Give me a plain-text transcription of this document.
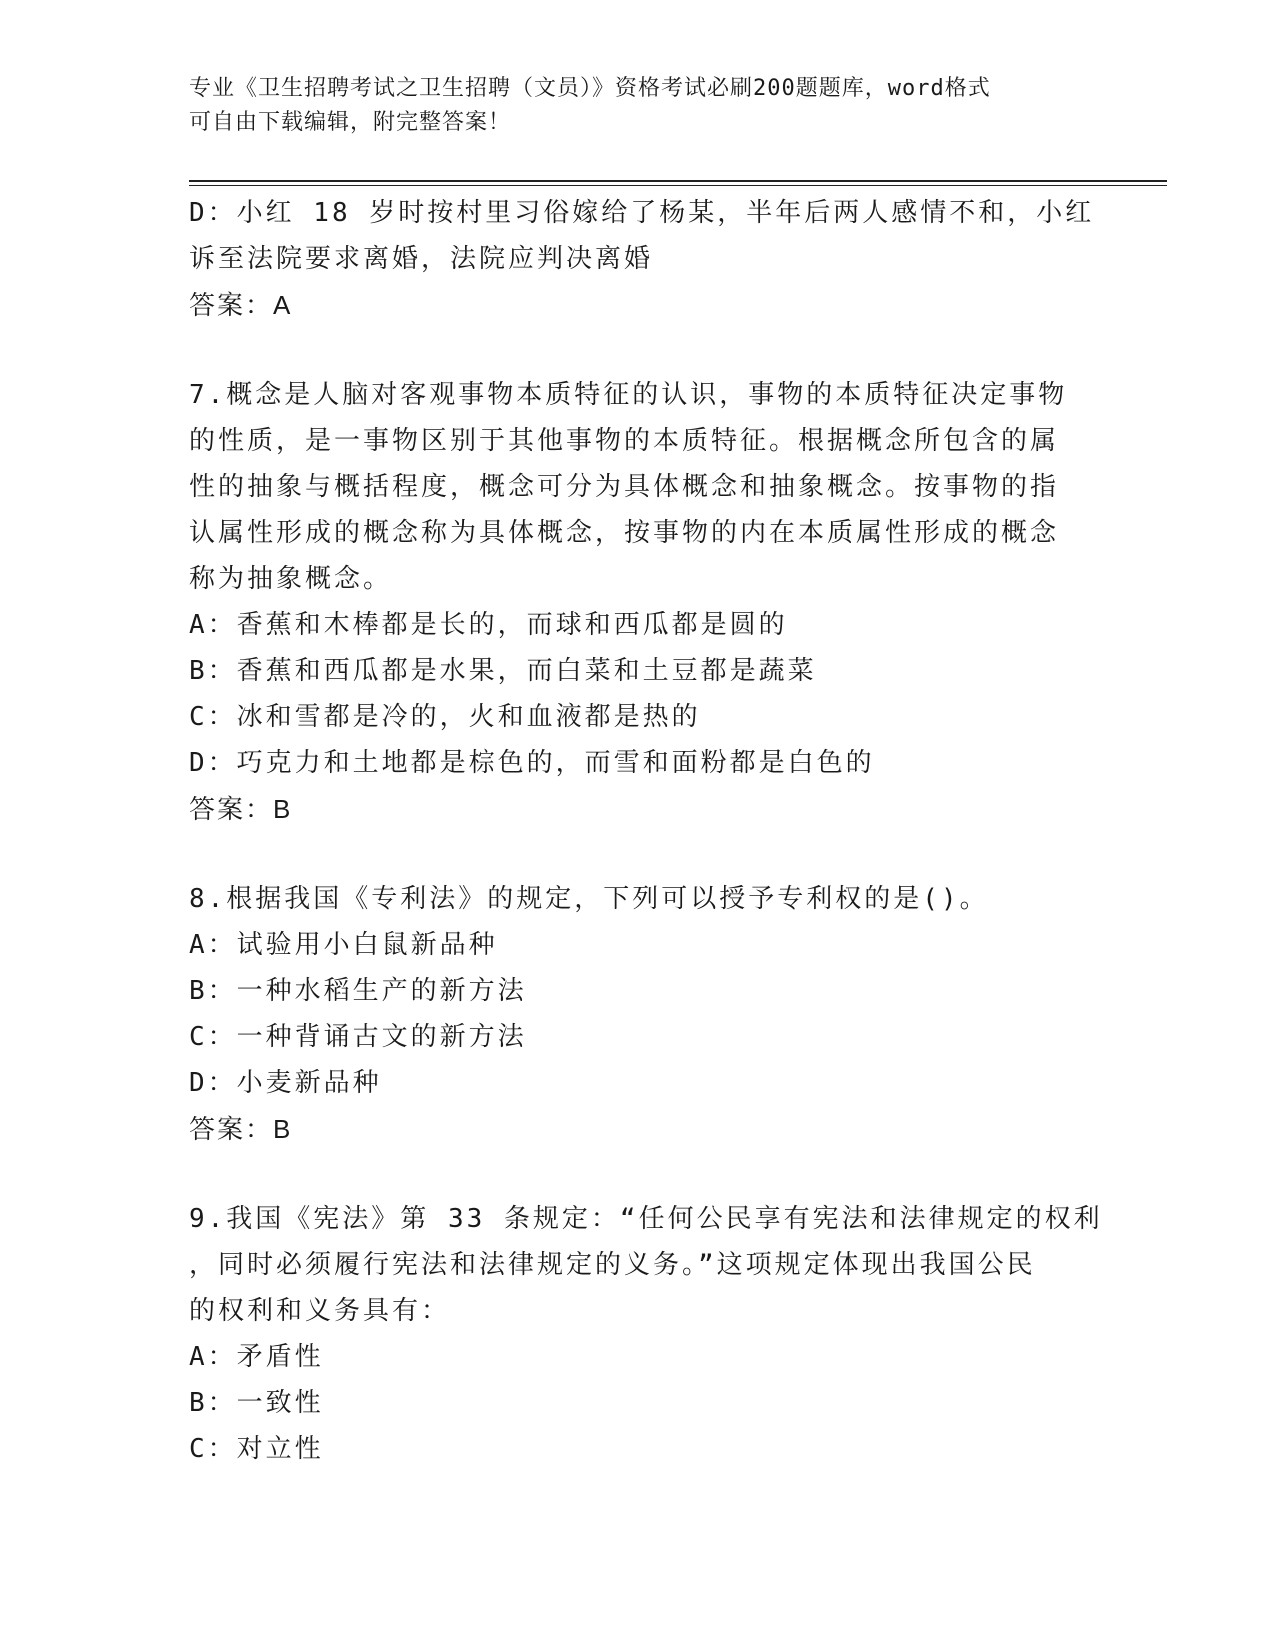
专业《卫生招聘考试之卫生招聘（文员）》资格考试必刷200题题库，word格式
可自由下载编辑，附完整答案！
D：小红 18 岁时按村里习俗嫁给了杨某，半年后两人感情不和，小红
诉至法院要求离婚，法院应判决离婚
答案：A
7.概念是人脑对客观事物本质特征的认识，事物的本质特征决定事物
的性质，是一事物区别于其他事物的本质特征。根据概念所包含的属
性的抽象与概括程度，概念可分为具体概念和抽象概念。按事物的指
认属性形成的概念称为具体概念，按事物的内在本质属性形成的概念
称为抽象概念。
A：香蕉和木棒都是长的，而球和西瓜都是圆的
B：香蕉和西瓜都是水果，而白菜和土豆都是蔬菜
C：冰和雪都是冷的，火和血液都是热的
D：巧克力和土地都是棕色的，而雪和面粉都是白色的
答案：B
8.根据我国《专利法》的规定，下列可以授予专利权的是()。
A：试验用小白鼠新品种
B：一种水稻生产的新方法
C：一种背诵古文的新方法
D：小麦新品种
答案：B
9.我国《宪法》第 33 条规定：“任何公民享有宪法和法律规定的权利
，同时必须履行宪法和法律规定的义务。”这项规定体现出我国公民
的权利和义务具有：
A：矛盾性
B：一致性
C：对立性
